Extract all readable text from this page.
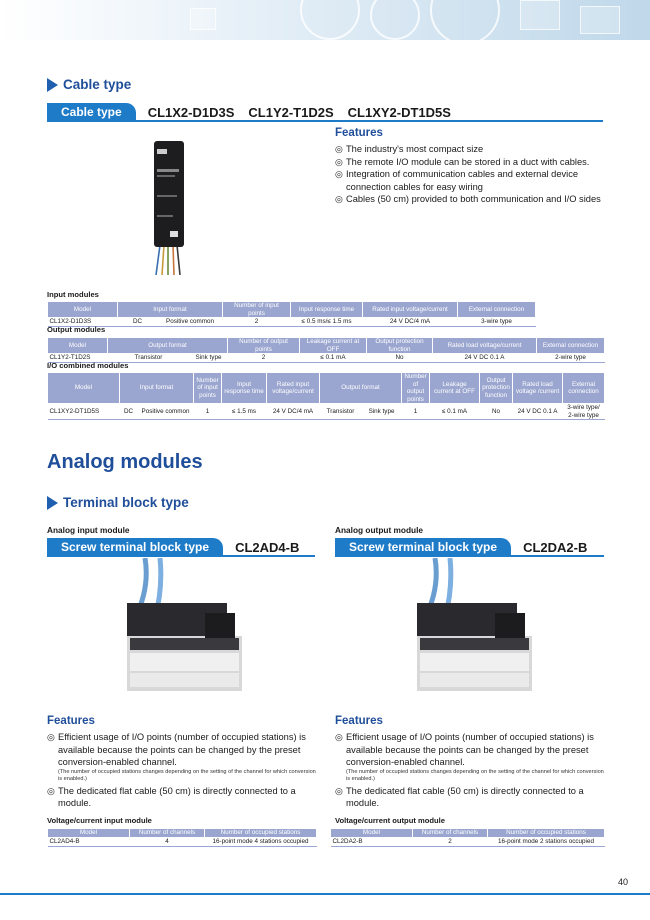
Cable type
Cable type	CL1X2-D1D3S CL1Y2-T1D2S CL1XY2-DT1D5S
Features
◎ The industry's most compact size
◎ The remote I/O module can be stored in a duct with cables.
◎ Integration of communication cables and external device connection cables for easy wiring
◎ Cables (50 cm) provided to both communication and I/O sides
Input modules
Model	Input format		Number of input points	Input response time	Rated input voltage/current	External connection
CL1X2-D1D3S	DC	Positive common	2	≤ 0.5 ms/≤ 1.5 ms	24 V DC/4 mA	3-wire type
Output modules
Model	Output format		Number of output points	Leakage current at OFF	Output protection function	Rated load voltage/current	External connection
CL1Y2-T1D2S	Transistor	Sink type	2	≤ 0.1 mA	No	24 V DC 0.1 A	2-wire type
I/O combined modules
Model	Input format		Number of input points	Input response time	Rated input voltage/current	Output format		Number of output points	Leakage current at OFF	Output protection function	Rated load voltage /current	External connection
CL1XY2-DT1D5S	DC	Positive common	1	≤ 1.5 ms	24 V DC/4 mA	Transistor	Sink type	1	≤ 0.1 mA	No	24 V DC 0.1 A	3-wire type/ 2-wire type
Analog modules
Terminal block type
Analog input module
Screw terminal block type	CL2AD4-B
Features
◎ Efficient usage of I/O points (number of occupied stations) is available because the points can be changed by the preset conversion-enabled channel.
(The number of occupied stations changes depending on the setting of the channel for which conversion is enabled.)
◎ The dedicated flat cable (50 cm) is directly connected to a module.
Voltage/current input module
Model	Number of channels	Number of occupied stations
CL2AD4-B	4	16-point mode 4 stations occupied
Analog output module
Screw terminal block type	CL2DA2-B
Features
◎ Efficient usage of I/O points (number of occupied stations) is available because the points can be changed by the preset conversion-enabled channel.
(The number of occupied stations changes depending on the setting of the channel for which conversion is enabled.)
◎ The dedicated flat cable (50 cm) is directly connected to a module.
Voltage/current output module
Model	Number of channels	Number of occupied stations
CL2DA2-B	2	16-point mode 2 stations occupied
40
